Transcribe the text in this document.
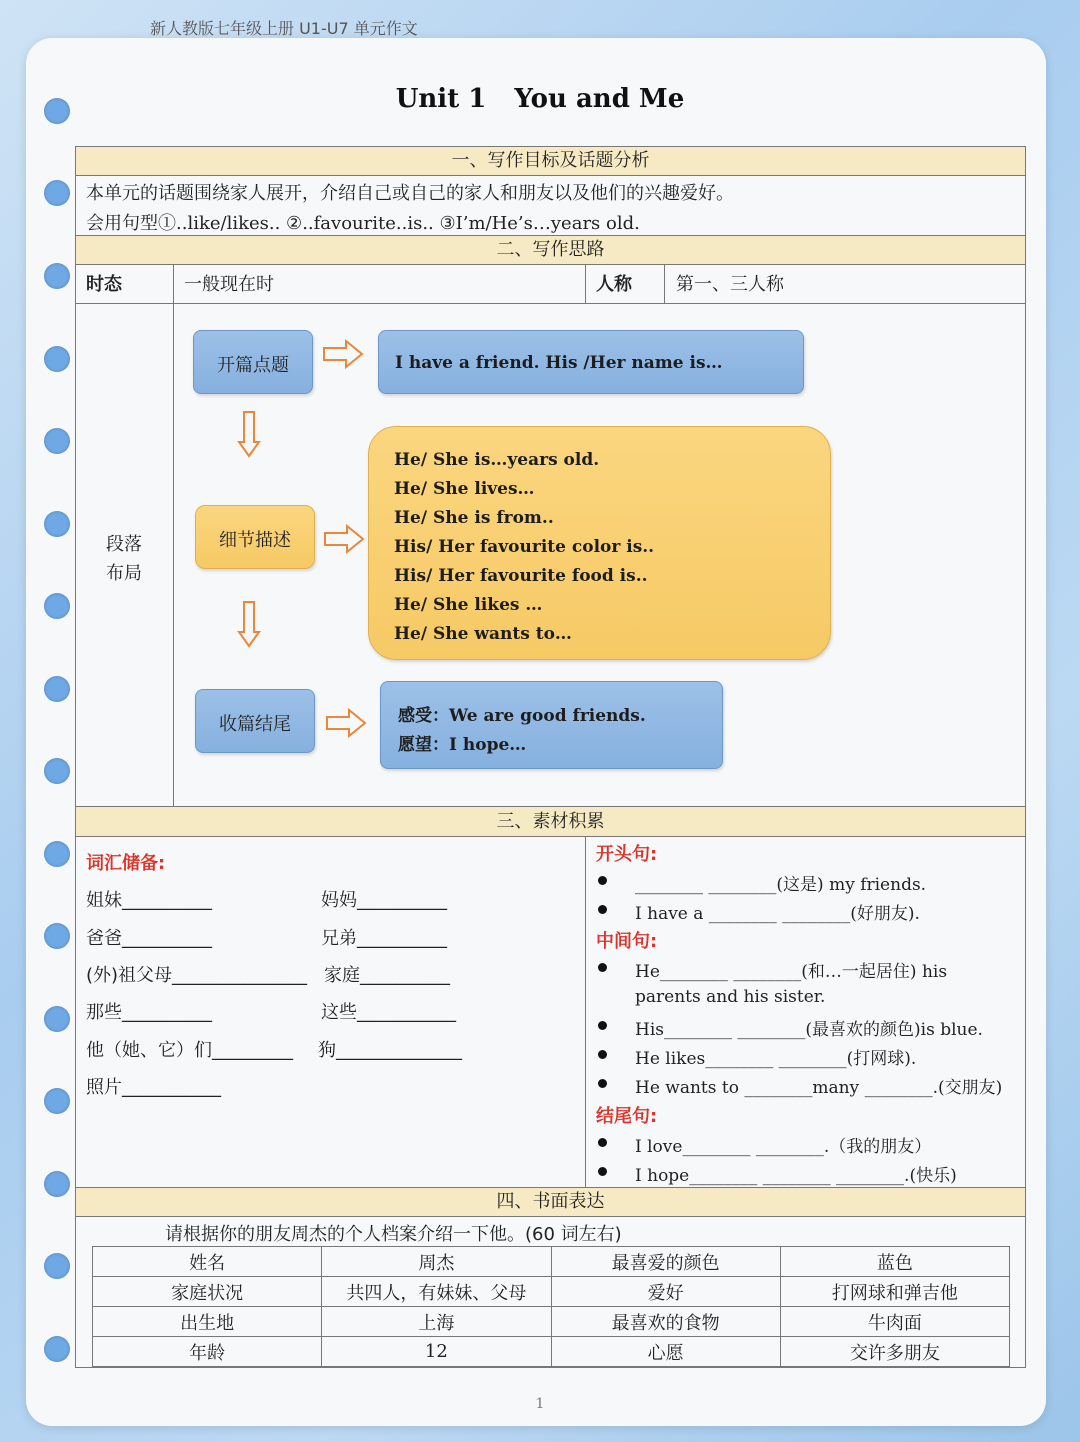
新人教版七年级上册 U1-U7 单元作文
Unit 1 You and Me
一、写作目标及话题分析
本单元的话题围绕家人展开，介绍自己或自己的家人和朋友以及他们的兴趣爱好。
会用句型①..like/likes.. ②..favourite..is.. ③I’m/He’s…years old.
二、写作思路
时态	一般现在时	人称 第一、三人称
段落
布局
开篇点题	I have a friend. His /Her name is…
细节描述
He/ She is…years old.
He/ She lives…
He/ She is from..
His/ Her favourite color is..
His/ Her favourite food is..
He/ She likes …
He/ She wants to…
收篇结尾	感受：We are good friends.
愿望：I hope…
三、素材积累
词汇储备:
姐妹__________	妈妈__________
爸爸__________	兄弟__________
(外)祖父母_______________ 家庭__________
那些__________	这些___________
他（她、它）们_________ 狗______________
照片___________
开头句:
________ ________(这是) my friends.
I have a ________ ________(好朋友).
中间句:
He________ ________(和…一起居住) his
parents and his sister.
His________ ________(最喜欢的颜色)is blue.
He likes________ ________(打网球).
He wants to ________many ________.(交朋友)
结尾句:
I love________ ________.（我的朋友）
I hope________ ________ ________.(快乐)
四、书面表达
请根据你的朋友周杰的个人档案介绍一下他。(60 词左右)
姓名	周杰	最喜爱的颜色	蓝色
家庭状况	共四人，有妹妹、父母	爱好	打网球和弹吉他
出生地	上海	最喜欢的食物	牛肉面
年龄	12	心愿	交许多朋友
1
